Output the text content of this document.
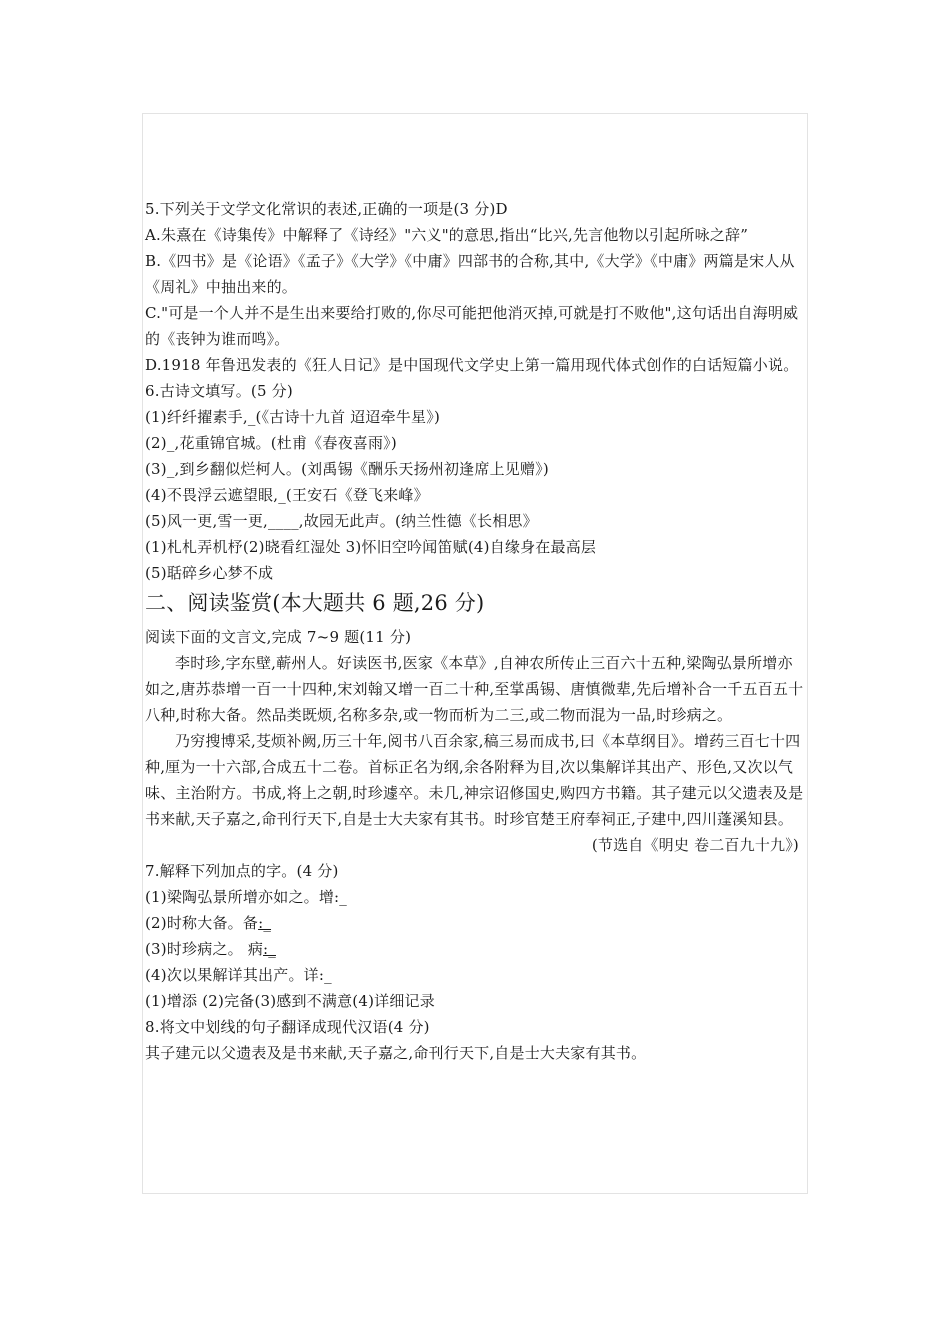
5.下列关于文学文化常识的表述,正确的一项是(3 分)D

A.朱熹在《诗集传》中解释了《诗经》"六义"的意思,指出“比兴,先言他物以引起所咏之辞”

B.《四书》是《论语》《孟子》《大学》《中庸》四部书的合称,其中,《大学》《中庸》两篇是宋人从《周礼》中抽出来的。

C."可是一个人并不是生出来要给打败的,你尽可能把他消灭掉,可就是打不败他",这句话出自海明威的《丧钟为谁而鸣》。

D.1918 年鲁迅发表的《狂人日记》是中国现代文学史上第一篇用现代体式创作的白话短篇小说。

6.古诗文填写。(5 分)

(1)纤纤擢素手,_(《古诗十九首 迢迢牵牛星》)

(2)_,花重锦官城。(杜甫《春夜喜雨》)

(3)_,到乡翻似烂柯人。(刘禹锡《酬乐天扬州初逢席上见赠》)

(4)不畏浮云遮望眼,_(王安石《登飞来峰》

(5)风一更,雪一更,____,故园无此声。(纳兰性德《长相思》

(1)札札弄机杼(2)晓看红湿处 3)怀旧空吟闻笛赋(4)自缘身在最高层

(5)聒碎乡心梦不成

二、阅读鉴赏(本大题共 6 题,26 分)

阅读下面的文言文,完成 7~9 题(11 分)

李时珍,字东壁,蕲州人。好读医书,医家《本草》,自神农所传止三百六十五种,梁陶弘景所增亦如之,唐苏恭增一百一十四种,宋刘翰又增一百二十种,至掌禹锡、唐慎微辈,先后增补合一千五百五十八种,时称大备。然品类既烦,名称多杂,或一物而析为二三,或二物而混为一品,时珍病之。

乃穷搜博采,芟烦补阙,历三十年,阅书八百余家,稿三易而成书,曰《本草纲目》。增药三百七十四种,厘为一十六部,合成五十二卷。首标正名为纲,余各附释为目,次以集解详其出产、形色,又次以气味、主治附方。书成,将上之朝,时珍遽卒。未几,神宗诏修国史,购四方书籍。其子建元以父遗表及是书来献,天子嘉之,命刊行天下,自是士大夫家有其书。时珍官楚王府奉祠正,子建中,四川蓬溪知县。

(节选自《明史 卷二百九十九》)

7.解释下列加点的字。(4 分)

(1)梁陶弘景所增亦如之。增:_

(2)时称大备。备:_

(3)时珍病之。 病:_

(4)次以果解详其出产。详:_

(1)增添 (2)完备(3)感到不满意(4)详细记录

8.将文中划线的句子翻译成现代汉语(4 分)

其子建元以父遗表及是书来献,天子嘉之,命刊行天下,自是士大夫家有其书。
